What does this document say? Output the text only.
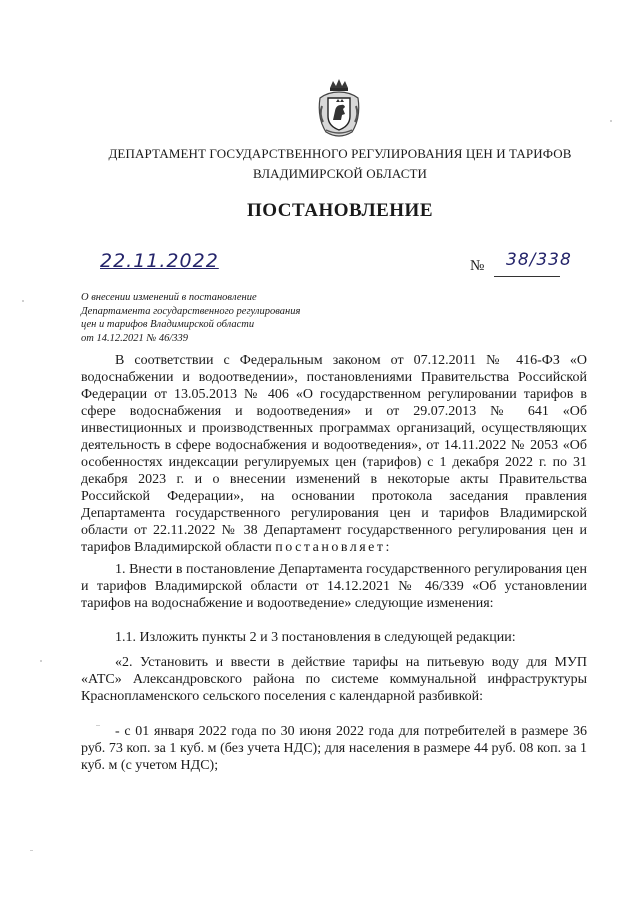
ДЕПАРТАМЕНТ ГОСУДАРСТВЕННОГО РЕГУЛИРОВАНИЯ ЦЕН И ТАРИФОВ
ВЛАДИМИРСКОЙ ОБЛАСТИ
ПОСТАНОВЛЕНИЕ
22.11.2022	№ 38/338
О внесении изменений в постановление
Департамента государственного регулирования
цен и тарифов Владимирской области
от 14.12.2021 № 46/339
В соответствии с Федеральным законом от 07.12.2011 № 416-ФЗ «О водоснабжении и водоотведении», постановлениями Правительства Российской Федерации от 13.05.2013 № 406 «О государственном регулировании тарифов в сфере водоснабжения и водоотведения» и от 29.07.2013 № 641 «Об инвестиционных и производственных программах организаций, осуществляющих деятельность в сфере водоснабжения и водоотведения», от 14.11.2022 № 2053 «Об особенностях индексации регулируемых цен (тарифов) с 1 декабря 2022 г. по 31 декабря 2023 г. и о внесении изменений в некоторые акты Правительства Российской Федерации», на основании протокола заседания правления Департамента государственного регулирования цен и тарифов Владимирской области от 22.11.2022 № 38 Департамент государственного регулирования цен и тарифов Владимирской области постановляет:
1. Внести в постановление Департамента государственного регулирования цен и тарифов Владимирской области от 14.12.2021 № 46/339 «Об установлении тарифов на водоснабжение и водоотведение» следующие изменения:
1.1. Изложить пункты 2 и 3 постановления в следующей редакции:
«2. Установить и ввести в действие тарифы на питьевую воду для МУП «АТС» Александровского района по системе коммунальной инфраструктуры Краснопламенского сельского поселения с календарной разбивкой:
- с 01 января 2022 года по 30 июня 2022 года для потребителей в размере 36 руб. 73 коп. за 1 куб. м (без учета НДС); для населения в размере 44 руб. 08 коп. за 1 куб. м (с учетом НДС);
